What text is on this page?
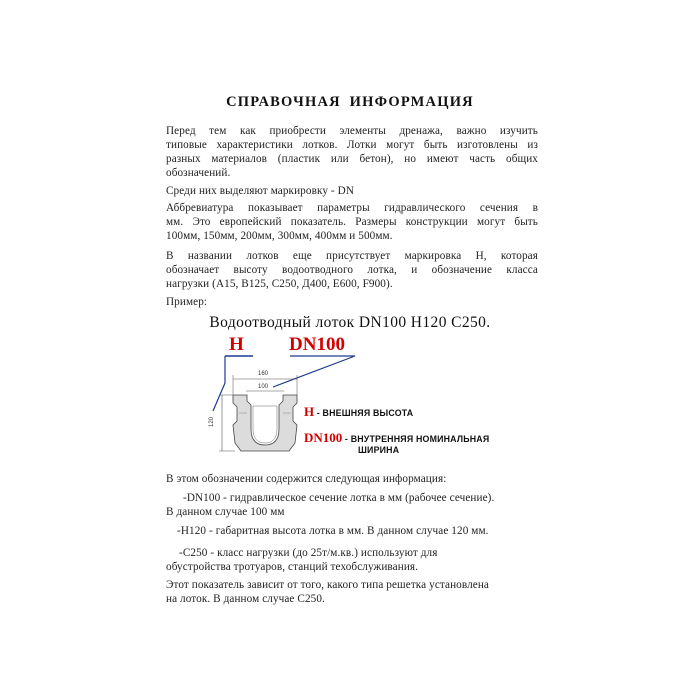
СПРАВОЧНАЯ ИНФОРМАЦИЯ
Перед тем как приобрести элементы дренажа, важно изучить
типовые характеристики лотков. Лотки могут быть изготовлены из
разных материалов (пластик или бетон), но имеют часть общих
обозначений.
Среди них выделяют маркировку - DN
Аббревиатура показывает параметры гидравлического сечения в
мм. Это европейский показатель. Размеры конструкции могут быть
100мм, 150мм, 200мм, 300мм, 400мм и 500мм.
В названии лотков еще присутствует маркировка Н, которая
обозначает высоту водоотводного лотка, и обозначение класса
нагрузки (А15, В125, С250, Д400, Е600, F900).
Пример:
Водоотводный лоток DN100 H120 C250.
H DN100
160
100
120
H - ВНЕШНЯЯ ВЫСОТА
DN100 - ВНУТРЕННЯЯ НОМИНАЛЬНАЯ
ШИРИНА
В этом обозначении содержится следующая информация:
-DN100 - гидравлическое сечение лотка в мм (рабочее сечение).
В данном случае 100 мм
-Н120 - габаритная высота лотка в мм. В данном случае 120 мм.
-С250 - класс нагрузки (до 25т/м.кв.) используют для
обустройства тротуаров, станций техобслуживания.
Этот показатель зависит от того, какого типа решетка установлена
на лоток. В данном случае С250.
